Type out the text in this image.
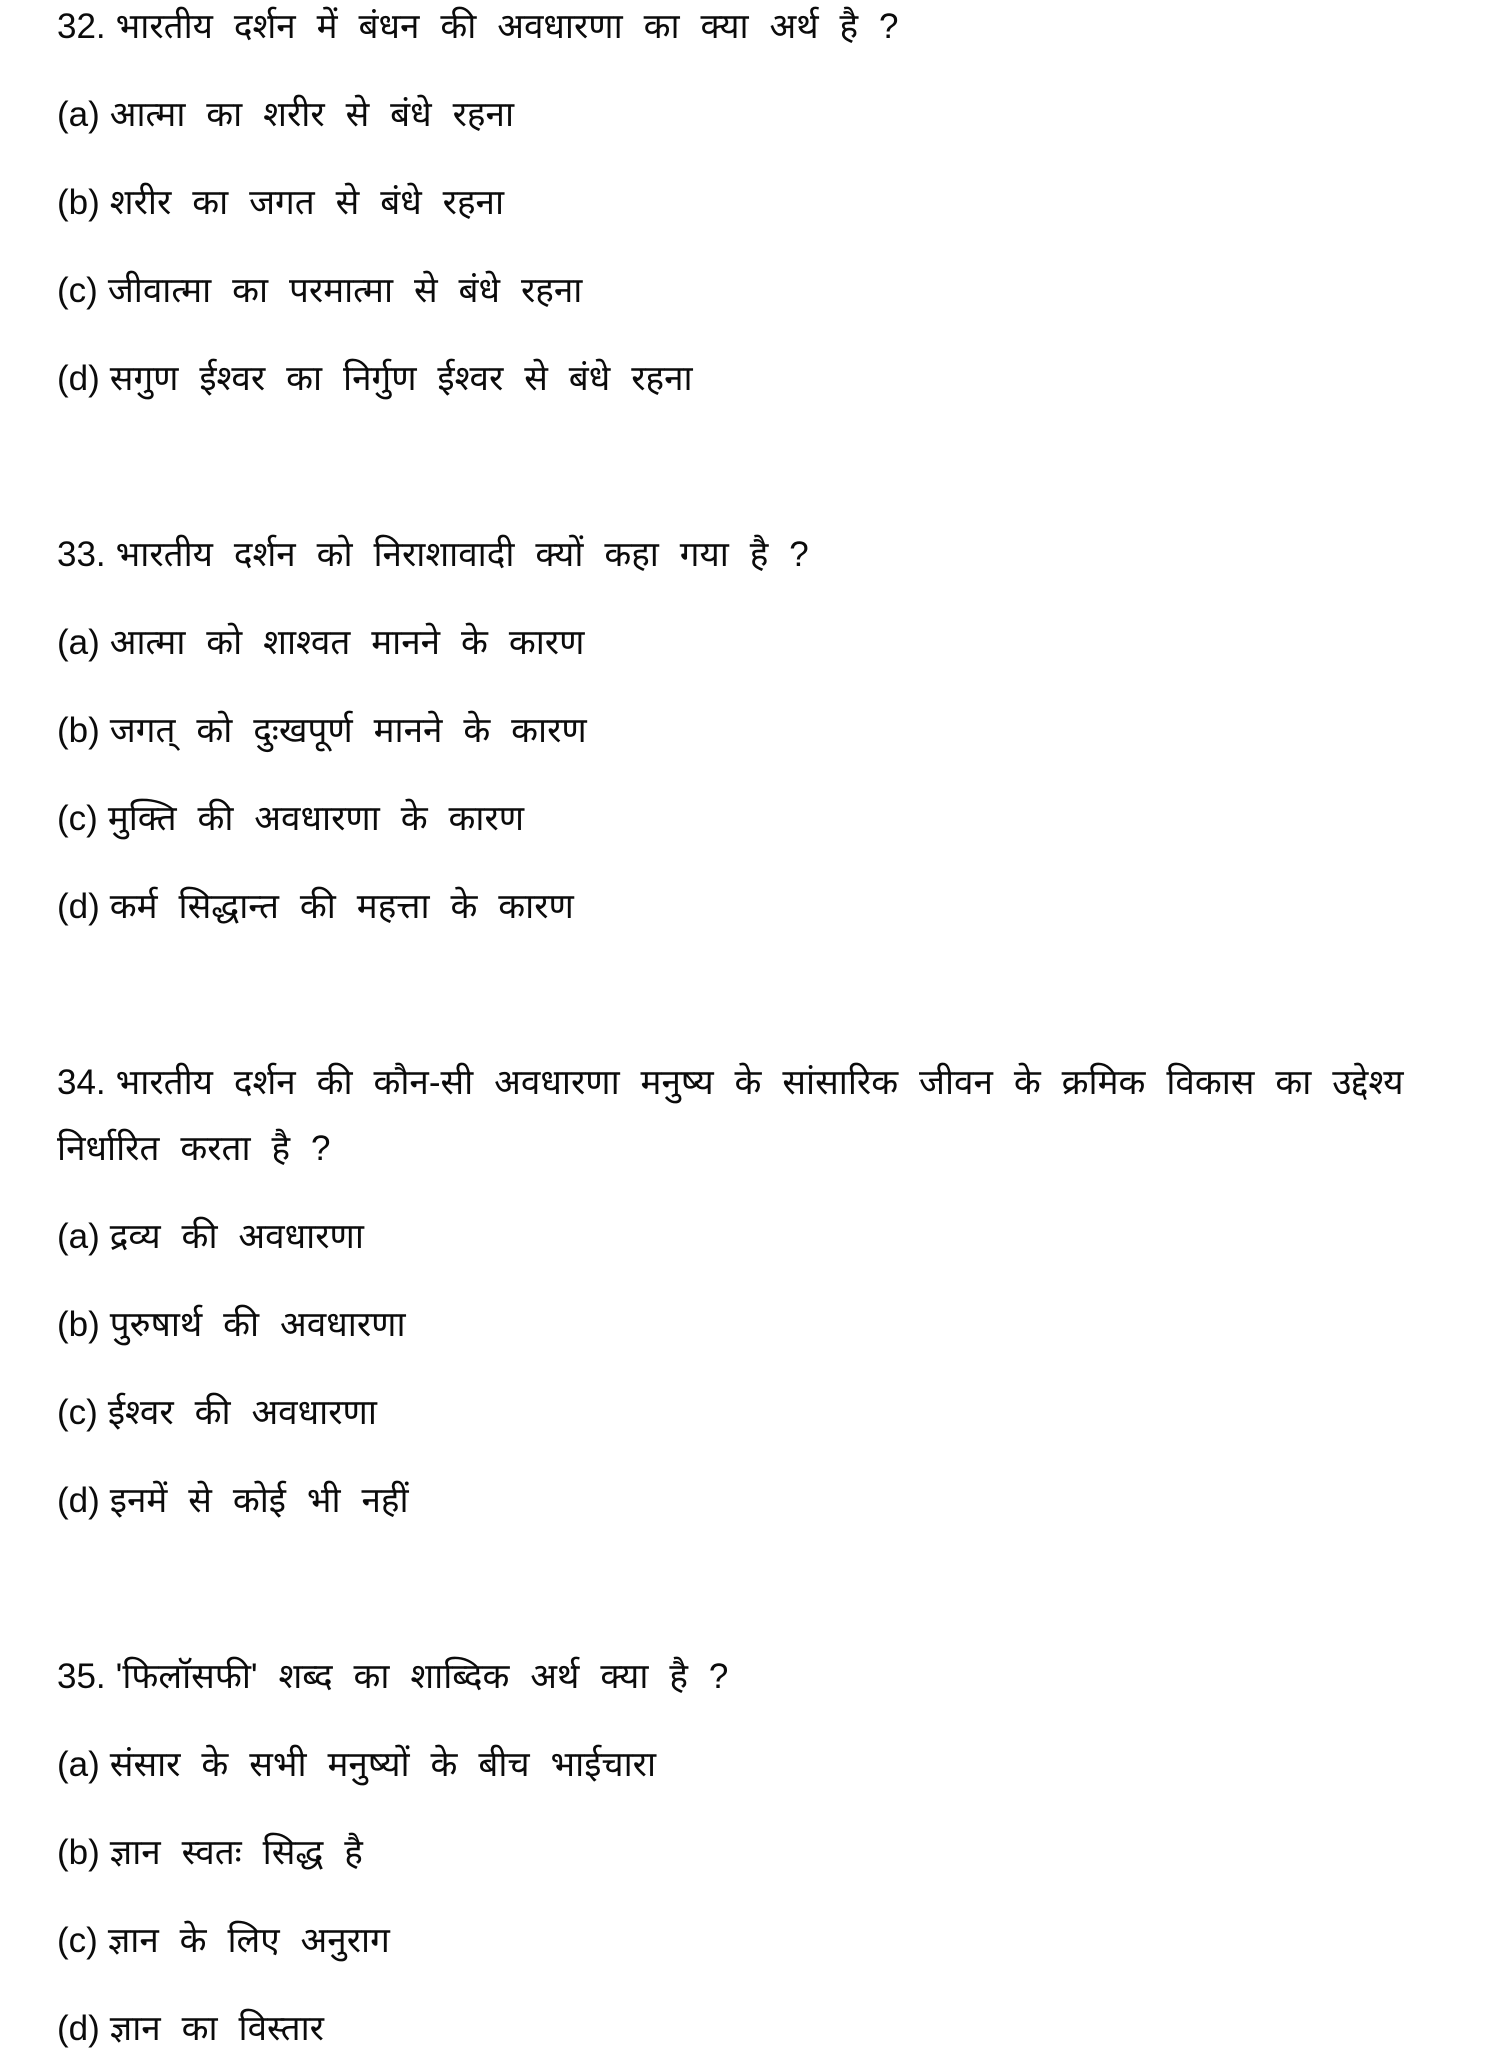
32. भारतीय दर्शन में बंधन की अवधारणा का क्या अर्थ है ?

(a) आत्मा का शरीर से बंधे रहना

(b) शरीर का जगत से बंधे रहना

(c) जीवात्मा का परमात्मा से बंधे रहना

(d) सगुण ईश्वर का निर्गुण ईश्वर से बंधे रहना

33. भारतीय दर्शन को निराशावादी क्यों कहा गया है ?

(a) आत्मा को शाश्वत मानने के कारण

(b) जगत् को दुःखपूर्ण मानने के कारण

(c) मुक्ति की अवधारणा के कारण

(d) कर्म सिद्धान्त की महत्ता के कारण

34. भारतीय दर्शन की कौन-सी अवधारणा मनुष्य के सांसारिक जीवन के क्रमिक विकास का उद्देश्य निर्धारित करता है ?

(a) द्रव्य की अवधारणा

(b) पुरुषार्थ की अवधारणा

(c) ईश्वर की अवधारणा

(d) इनमें से कोई भी नहीं

35. 'फिलॉसफी' शब्द का शाब्दिक अर्थ क्या है ?

(a) संसार के सभी मनुष्यों के बीच भाईचारा

(b) ज्ञान स्वतः सिद्ध है

(c) ज्ञान के लिए अनुराग

(d) ज्ञान का विस्तार
